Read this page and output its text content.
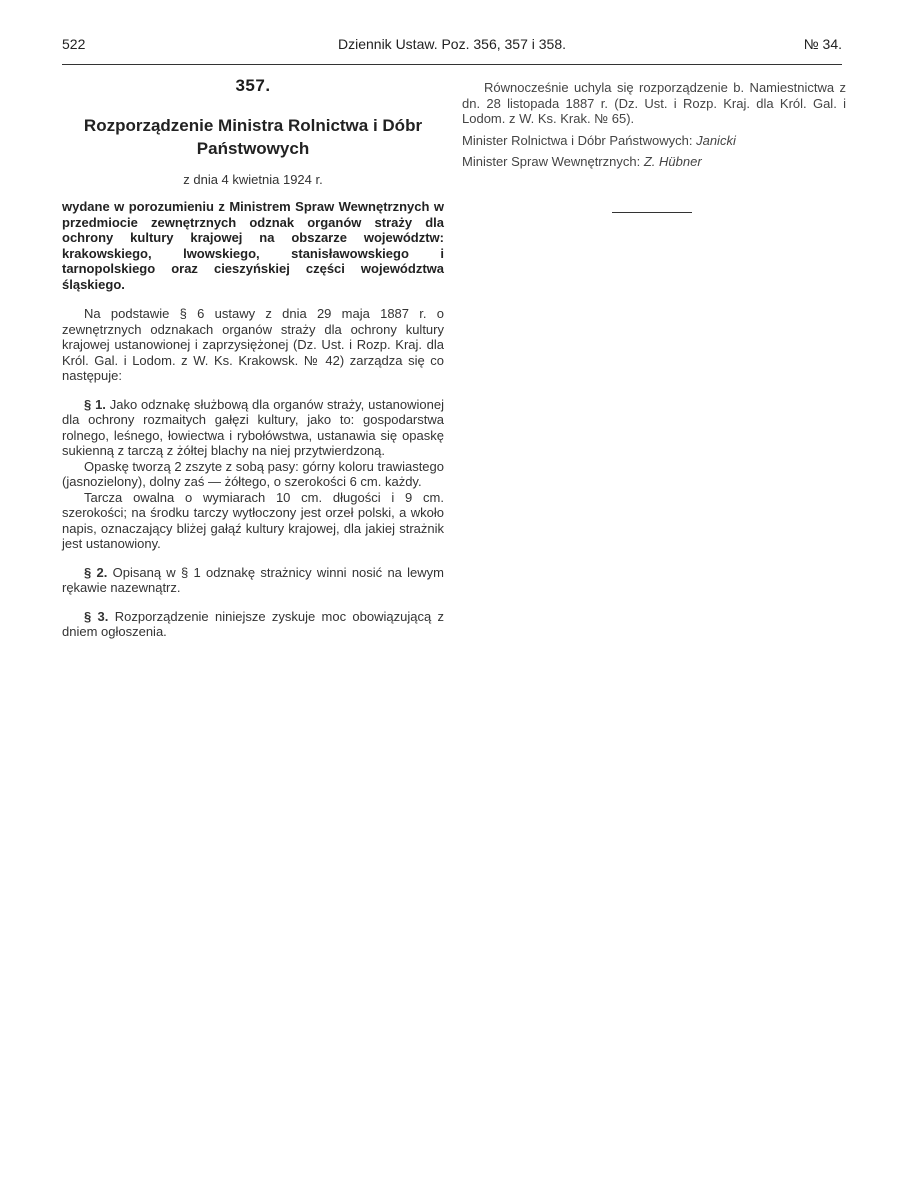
522	Dziennik Ustaw. Poz. 356, 357 i 358.	№ 34.
357.
Rozporządzenie Ministra Rolnictwa i Dóbr Państwowych
z dnia 4 kwietnia 1924 r.
wydane w porozumieniu z Ministrem Spraw Wewnętrznych w przedmiocie zewnętrznych odznak organów straży dla ochrony kultury krajowej na obszarze województw: krakowskiego, lwowskiego, stanisławowskiego i tarnopolskiego oraz cieszyńskiej części województwa śląskiego.

Na podstawie § 6 ustawy z dnia 29 maja 1887 r. o zewnętrznych odznakach organów straży dla ochrony kultury krajowej ustanowionej i zaprzysiężonej (Dz. Ust. i Rozp. Kraj. dla Król. Gal. i Lodom. z W. Ks. Krakowsk. № 42) zarządza się co następuje:

§ 1. Jako odznakę służbową dla organów straży, ustanowionej dla ochrony rozmaitych gałęzi kultury, jako to: gospodarstwa rolnego, leśnego, łowiectwa i rybołówstwa, ustanawia się opaskę sukienną z tarczą z żółtej blachy na niej przytwierdzoną.

Opaskę tworzą 2 zszyte z sobą pasy: górny koloru trawiastego (jasnozielony), dolny zaś — żółtego, o szerokości 6 cm. każdy.

Tarcza owalna o wymiarach 10 cm. długości i 9 cm. szerokości; na środku tarczy wytłoczony jest orzeł polski, a wkoło napis, oznaczający bliżej gałąź kultury krajowej, dla jakiej strażnik jest ustanowiony.

§ 2. Opisaną w § 1 odznakę strażnicy winni nosić na lewym rękawie nazewnątrz.

§ 3. Rozporządzenie niniejsze zyskuje moc obowiązującą z dniem ogłoszenia.

Równocześnie uchyla się rozporządzenie b. Namiestnictwa z dn. 28 listopada 1887 r. (Dz. Ust. i Rozp. Kraj. dla Król. Gal. i Lodom. z W. Ks. Krak. № 65).

Minister Rolnictwa i Dóbr Państwowych: Janicki
Minister Spraw Wewnętrznych: Z. Hübner
